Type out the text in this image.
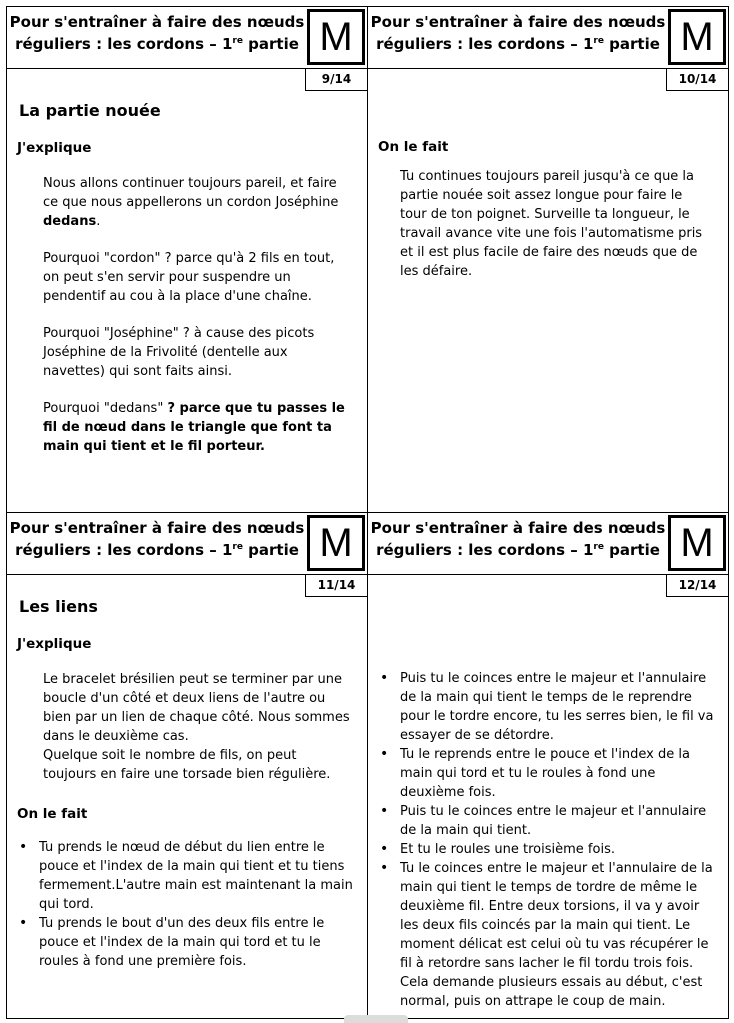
Pour s'entraîner à faire des nœuds
réguliers : les cordons – 1re partie M
9/14
La partie nouée
J'explique

Nous allons continuer toujours pareil, et faire ce que nous appellerons un cordon Joséphine dedans.

Pourquoi "cordon" ? parce qu'à 2 fils en tout, on peut s'en servir pour suspendre un pendentif au cou à la place d'une chaîne.

Pourquoi "Joséphine" ? à cause des picots Joséphine de la Frivolité (dentelle aux navettes) qui sont faits ainsi.

Pourquoi "dedans" ? parce que tu passes le fil de nœud dans le triangle que font ta main qui tient et le fil porteur.

Pour s'entraîner à faire des nœuds
réguliers : les cordons – 1re partie M
10/14
On le fait

Tu continues toujours pareil jusqu'à ce que la partie nouée soit assez longue pour faire le tour de ton poignet. Surveille ta longueur, le travail avance vite une fois l'automatisme pris et il est plus facile de faire des nœuds que de les défaire.

Pour s'entraîner à faire des nœuds
réguliers : les cordons – 1re partie M
11/14
Les liens
J'explique

Le bracelet brésilien peut se terminer par une boucle d'un côté et deux liens de l'autre ou bien par un lien de chaque côté. Nous sommes dans le deuxième cas.

Quelque soit le nombre de fils, on peut toujours en faire une torsade bien régulière.

On le fait
• Tu prends le nœud de début du lien entre le pouce et l'index de la main qui tient et tu tiens fermement.L'autre main est maintenant la main qui tord.
• Tu prends le bout d'un des deux fils entre le pouce et l'index de la main qui tord et tu le roules à fond une première fois.
Pour s'entraîner à faire des nœuds
réguliers : les cordons – 1re partie M
12/14
• Puis tu le coinces entre le majeur et l'annulaire de la main qui tient le temps de le reprendre pour le tordre encore, tu les serres bien, le fil va essayer de se détordre.
• Tu le reprends entre le pouce et l'index de la main qui tord et tu le roules à fond une deuxième fois.
• Puis tu le coinces entre le majeur et l'annulaire de la main qui tient.
• Et tu le roules une troisième fois.
• Tu le coinces entre le majeur et l'annulaire de la main qui tient le temps de tordre de même le deuxième fil. Entre deux torsions, il va y avoir les deux fils coincés par la main qui tient. Le moment délicat est celui où tu vas récupérer le fil à retordre sans lacher le fil tordu trois fois. Cela demande plusieurs essais au début, c'est normal, puis on attrape le coup de main.
